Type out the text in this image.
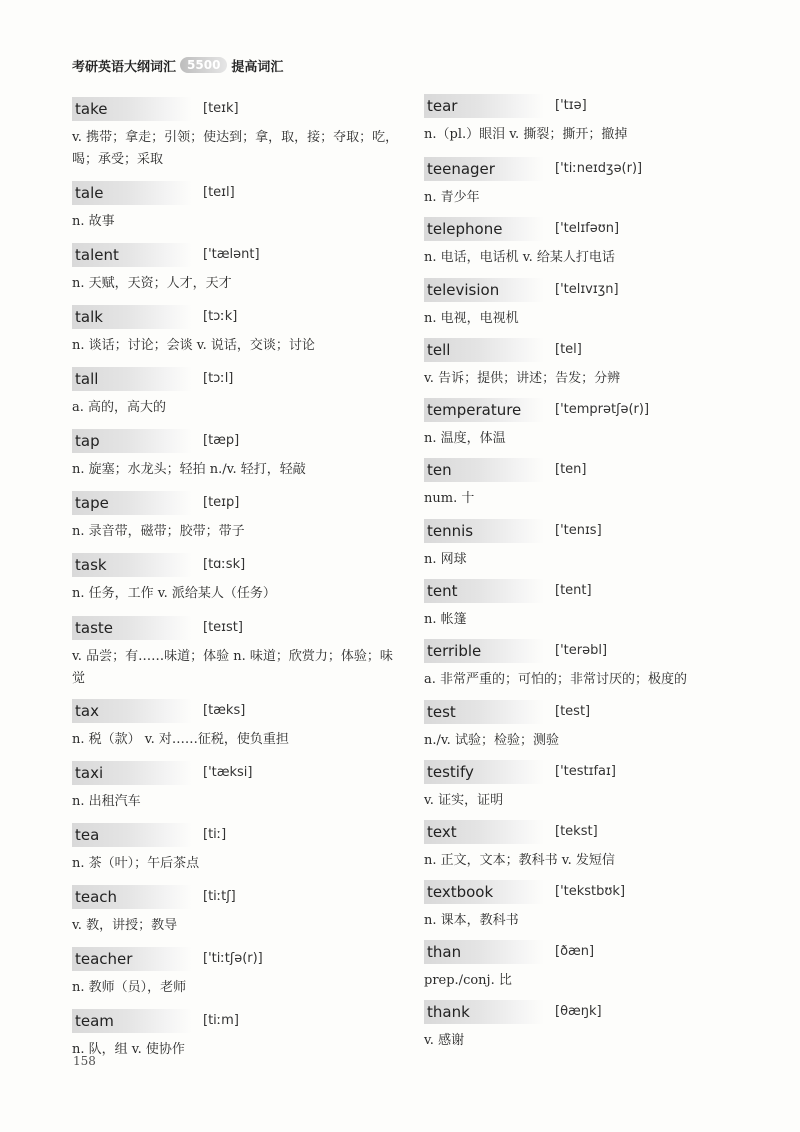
考研英语大纲词汇 5500 提高词汇
take	[teɪk]
v. 携带；拿走；引领；使达到；拿，取，接；夺取；吃，喝；承受；采取
tale	[teɪl]
n. 故事
talent	['tælənt]
n. 天赋，天资；人才，天才
talk	[tɔːk]
n. 谈话；讨论；会谈 v. 说话，交谈；讨论
tall	[tɔːl]
a. 高的，高大的
tap	[tæp]
n. 旋塞；水龙头；轻拍 n./v. 轻打，轻敲
tape	[teɪp]
n. 录音带，磁带；胶带；带子
task	[tɑːsk]
n. 任务，工作 v. 派给某人（任务）
taste	[teɪst]
v. 品尝；有……味道；体验 n. 味道；欣赏力；体验；味觉
tax	[tæks]
n. 税（款） v. 对……征税，使负重担
taxi	['tæksi]
n. 出租汽车
tea	[tiː]
n. 茶（叶）；午后茶点
teach	[tiːtʃ]
v. 教，讲授；教导
teacher	['tiːtʃə(r)]
n. 教师（员），老师
team	[tiːm]
n. 队，组 v. 使协作
tear	['tɪə]
n.（pl.）眼泪 v. 撕裂；撕开；撤掉
teenager	['tiːneɪdʒə(r)]
n. 青少年
telephone	['telɪfəʊn]
n. 电话，电话机 v. 给某人打电话
television	['telɪvɪʒn]
n. 电视，电视机
tell	[tel]
v. 告诉；提供；讲述；告发；分辨
temperature	['temprətʃə(r)]
n. 温度，体温
ten	[ten]
num. 十
tennis	['tenɪs]
n. 网球
tent	[tent]
n. 帐篷
terrible	['terəbl]
a. 非常严重的；可怕的；非常讨厌的；极度的
test	[test]
n./v. 试验；检验；测验
testify	['testɪfaɪ]
v. 证实，证明
text	[tekst]
n. 正文，文本；教科书 v. 发短信
textbook	['tekstbʊk]
n. 课本，教科书
than	[ðæn]
prep./conj. 比
thank	[θæŋk]
v. 感谢
158
